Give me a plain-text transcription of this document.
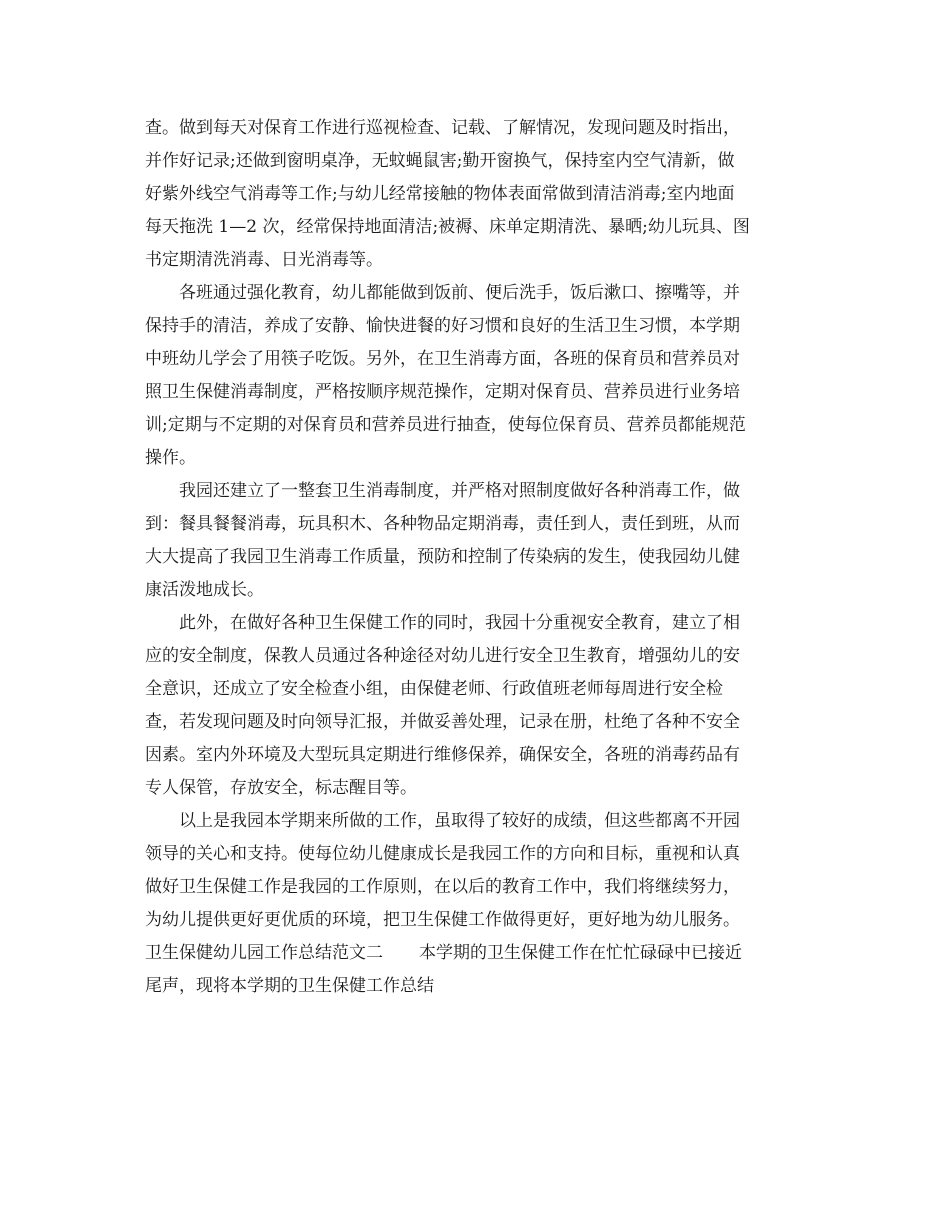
查。做到每天对保育工作进行巡视检查、记载、了解情况，发现问题及时指出，
并作好记录;还做到窗明桌净，无蚊蝇鼠害;勤开窗换气，保持室内空气清新，做
好紫外线空气消毒等工作;与幼儿经常接触的物体表面常做到清洁消毒;室内地面
每天拖洗 1—2 次，经常保持地面清洁;被褥、床单定期清洗、暴晒;幼儿玩具、图
书定期清洗消毒、日光消毒等。
各班通过强化教育，幼儿都能做到饭前、便后洗手，饭后漱口、擦嘴等，并
保持手的清洁，养成了安静、愉快进餐的好习惯和良好的生活卫生习惯，本学期
中班幼儿学会了用筷子吃饭。另外，在卫生消毒方面，各班的保育员和营养员对
照卫生保健消毒制度，严格按顺序规范操作，定期对保育员、营养员进行业务培
训;定期与不定期的对保育员和营养员进行抽查，使每位保育员、营养员都能规范
操作。
我园还建立了一整套卫生消毒制度，并严格对照制度做好各种消毒工作，做
到：餐具餐餐消毒，玩具积木、各种物品定期消毒，责任到人，责任到班，从而
大大提高了我园卫生消毒工作质量，预防和控制了传染病的发生，使我园幼儿健
康活泼地成长。
此外，在做好各种卫生保健工作的同时，我园十分重视安全教育，建立了相
应的安全制度，保教人员通过各种途径对幼儿进行安全卫生教育，增强幼儿的安
全意识，还成立了安全检查小组，由保健老师、行政值班老师每周进行安全检
查，若发现问题及时向领导汇报，并做妥善处理，记录在册，杜绝了各种不安全
因素。室内外环境及大型玩具定期进行维修保养，确保安全，各班的消毒药品有
专人保管，存放安全，标志醒目等。
以上是我园本学期来所做的工作，虽取得了较好的成绩，但这些都离不开园
领导的关心和支持。使每位幼儿健康成长是我园工作的方向和目标，重视和认真
做好卫生保健工作是我园的工作原则，在以后的教育工作中，我们将继续努力，
为幼儿提供更好更优质的环境，把卫生保健工作做得更好，更好地为幼儿服务。
卫生保健幼儿园工作总结范文二 本学期的卫生保健工作在忙忙碌碌中已接近
尾声，现将本学期的卫生保健工作总结
